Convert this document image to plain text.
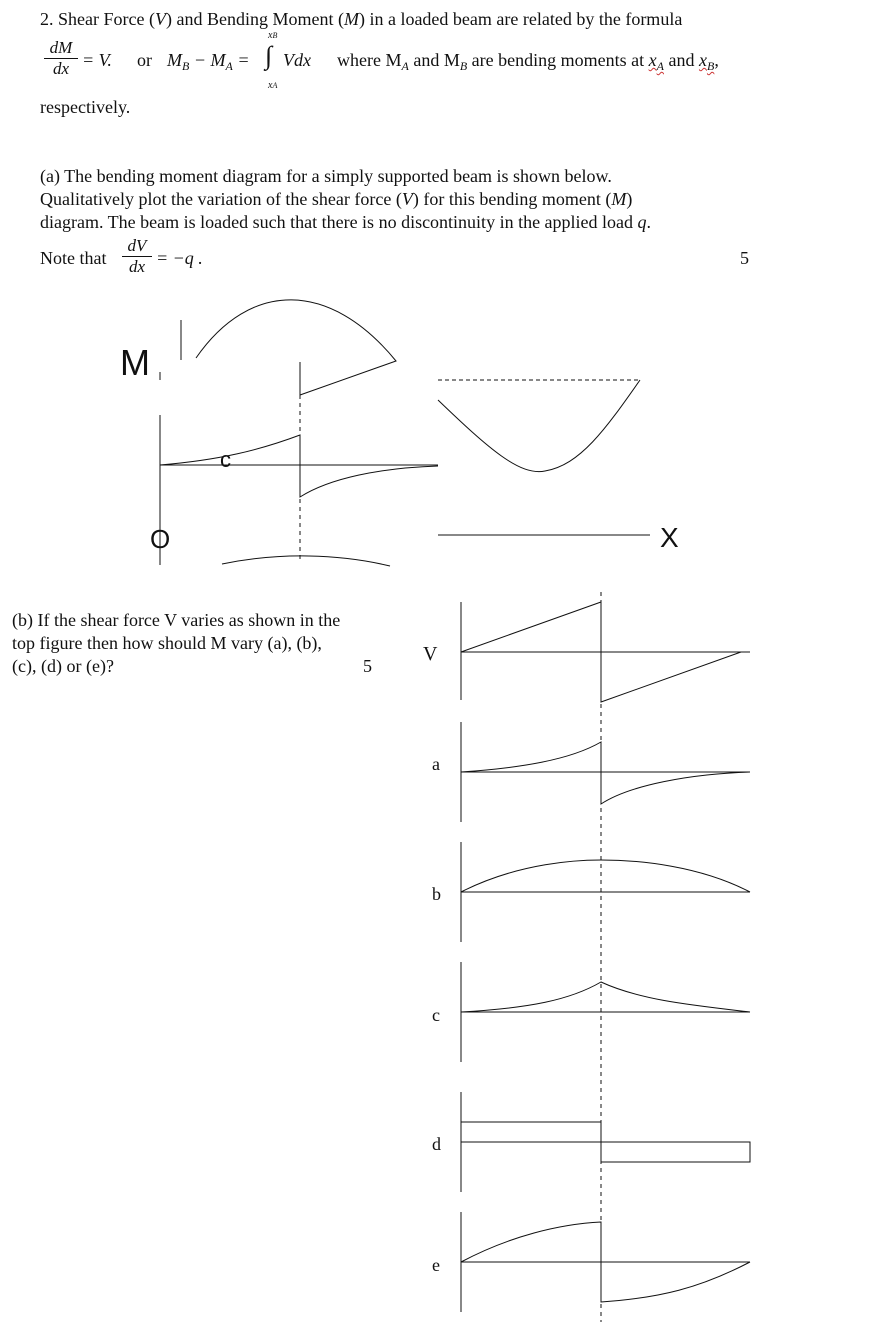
2. Shear Force (V) and Bending Moment (M) in a loaded beam are related by the formula
dM
dx = V. or $M_B - M_A$ = ∫
xB
xA
Vdx where $M_A$ and $M_B$ are bending moments at $x_A$ and $x_B$,
respectively.
(a) The bending moment diagram for a simply supported beam is shown below.
Qualitatively plot the variation of the shear force (V) for this bending moment (M)
diagram. The beam is loaded such that there is no discontinuity in the applied load q.
Note that
dV
dx = −q .	5
M
O
c
X
(b) If the shear force V varies as shown in the
top figure then how should M vary (a), (b),
(c), (d) or (e)?	5
V
a
b
c
d
e
